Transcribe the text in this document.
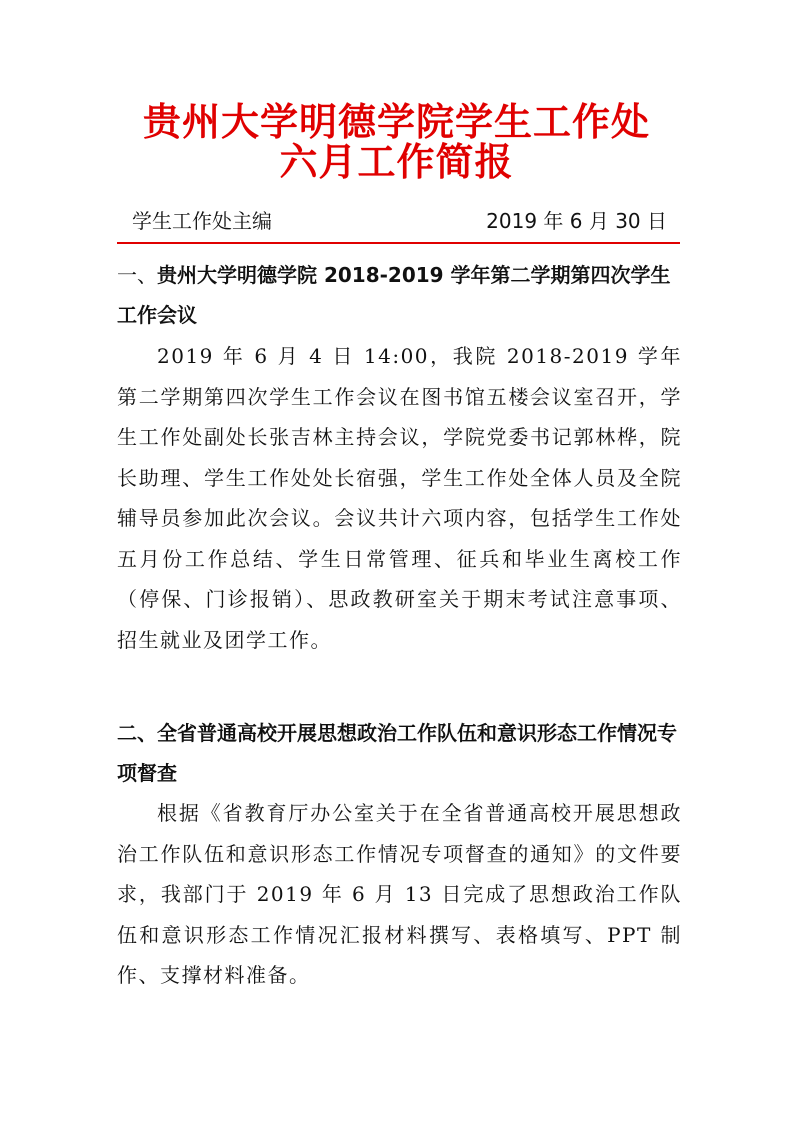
贵州大学明德学院学生工作处
六月工作简报
学生工作处主编	2019 年 6 月 30 日
一、贵州大学明德学院 2018-2019 学年第二学期第四次学生工作会议
2019 年 6 月 4 日 14:00，我院 2018-2019 学年第二学期第四次学生工作会议在图书馆五楼会议室召开，学生工作处副处长张吉林主持会议，学院党委书记郭林桦，院长助理、学生工作处处长宿强，学生工作处全体人员及全院辅导员参加此次会议。会议共计六项内容，包括学生工作处五月份工作总结、学生日常管理、征兵和毕业生离校工作（停保、门诊报销）、思政教研室关于期末考试注意事项、招生就业及团学工作。
二、全省普通高校开展思想政治工作队伍和意识形态工作情况专项督查
根据《省教育厅办公室关于在全省普通高校开展思想政治工作队伍和意识形态工作情况专项督查的通知》的文件要求，我部门于 2019 年 6 月 13 日完成了思想政治工作队伍和意识形态工作情况汇报材料撰写、表格填写、PPT 制作、支撑材料准备。
